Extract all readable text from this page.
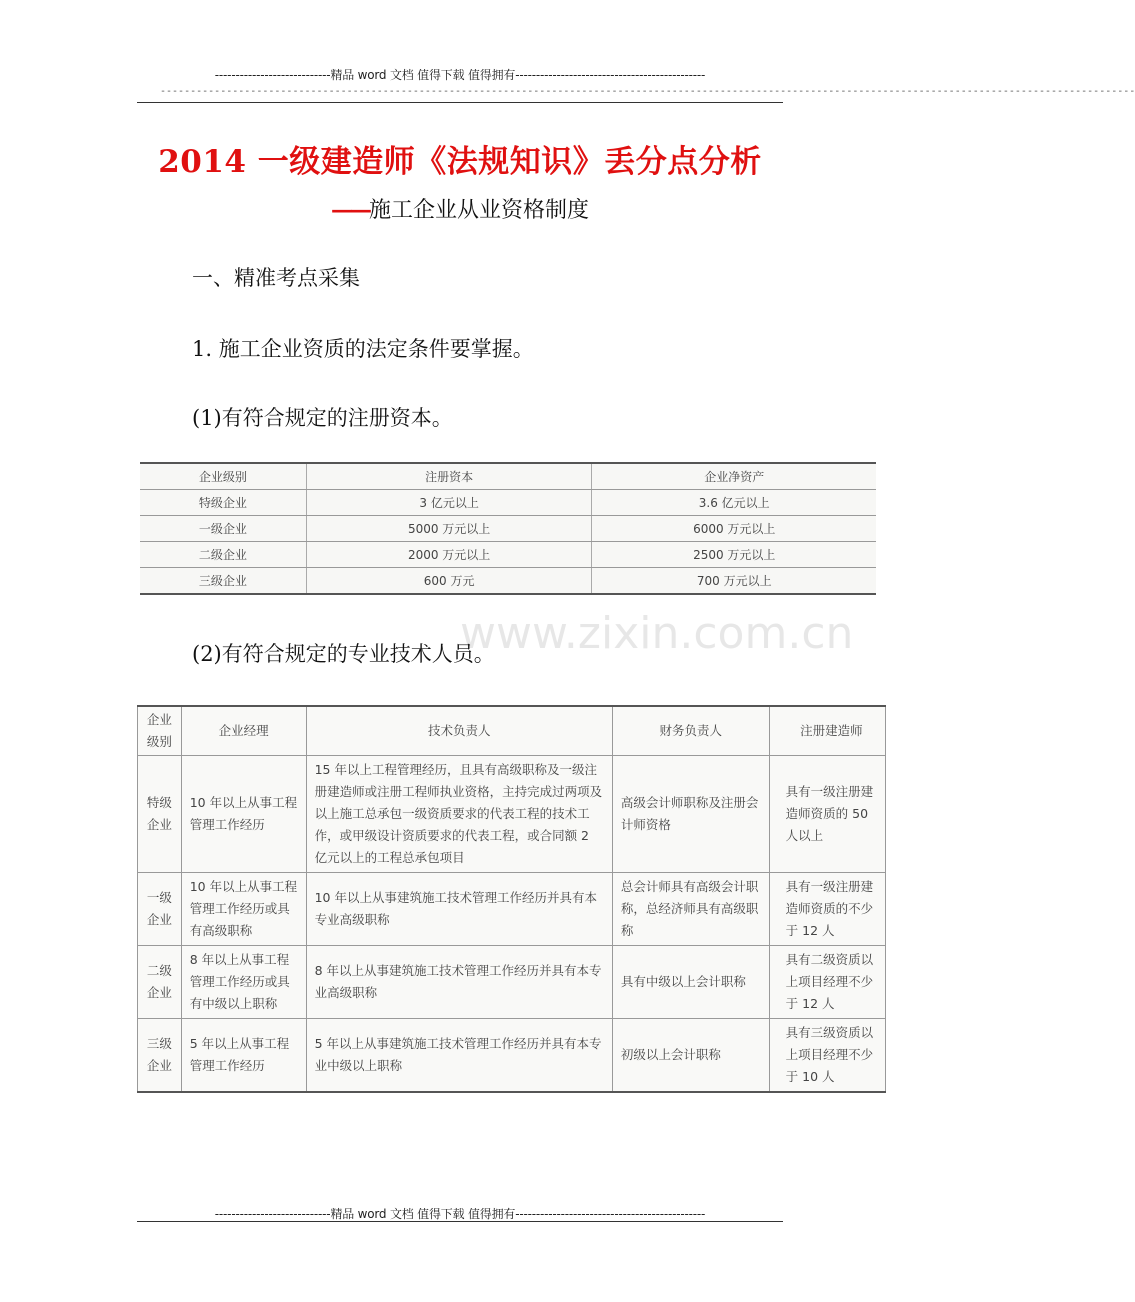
----------------------------精品 word 文档 值得下载 值得拥有----------------------------------------------
------------------------------------------------------------------------------------------------------------------------------------------------------------------
2014 一级建造师《法规知识》丢分点分析
——施工企业从业资格制度
一、精准考点采集
1. 施工企业资质的法定条件要掌握。
(1)有符合规定的注册资本。
企业级别	注册资本	企业净资产
特级企业	3 亿元以上	3.6 亿元以上
一级企业	5000 万元以上	6000 万元以上
二级企业	2000 万元以上	2500 万元以上
三级企业	600 万元	700 万元以上
www.zixin.com.cn
(2)有符合规定的专业技术人员。
企业级别	企业经理	技术负责人	财务负责人	注册建造师
特级企业	10 年以上从事工程管理工作经历	15 年以上工程管理经历，且具有高级职称及一级注册建造师或注册工程师执业资格，主持完成过两项及以上施工总承包一级资质要求的代表工程的技术工作，或甲级设计资质要求的代表工程，或合同额 2 亿元以上的工程总承包项目	高级会计师职称及注册会计师资格	具有一级注册建造师资质的 50 人以上
一级企业	10 年以上从事工程管理工作经历或具有高级职称	10 年以上从事建筑施工技术管理工作经历并具有本专业高级职称	总会计师具有高级会计职称，总经济师具有高级职称	具有一级注册建造师资质的不少于 12 人
二级企业	8 年以上从事工程管理工作经历或具有中级以上职称	8 年以上从事建筑施工技术管理工作经历并具有本专业高级职称	具有中级以上会计职称	具有二级资质以上项目经理不少于 12 人
三级企业	5 年以上从事工程管理工作经历	5 年以上从事建筑施工技术管理工作经历并具有本专业中级以上职称	初级以上会计职称	具有三级资质以上项目经理不少于 10 人
----------------------------精品 word 文档 值得下载 值得拥有----------------------------------------------
